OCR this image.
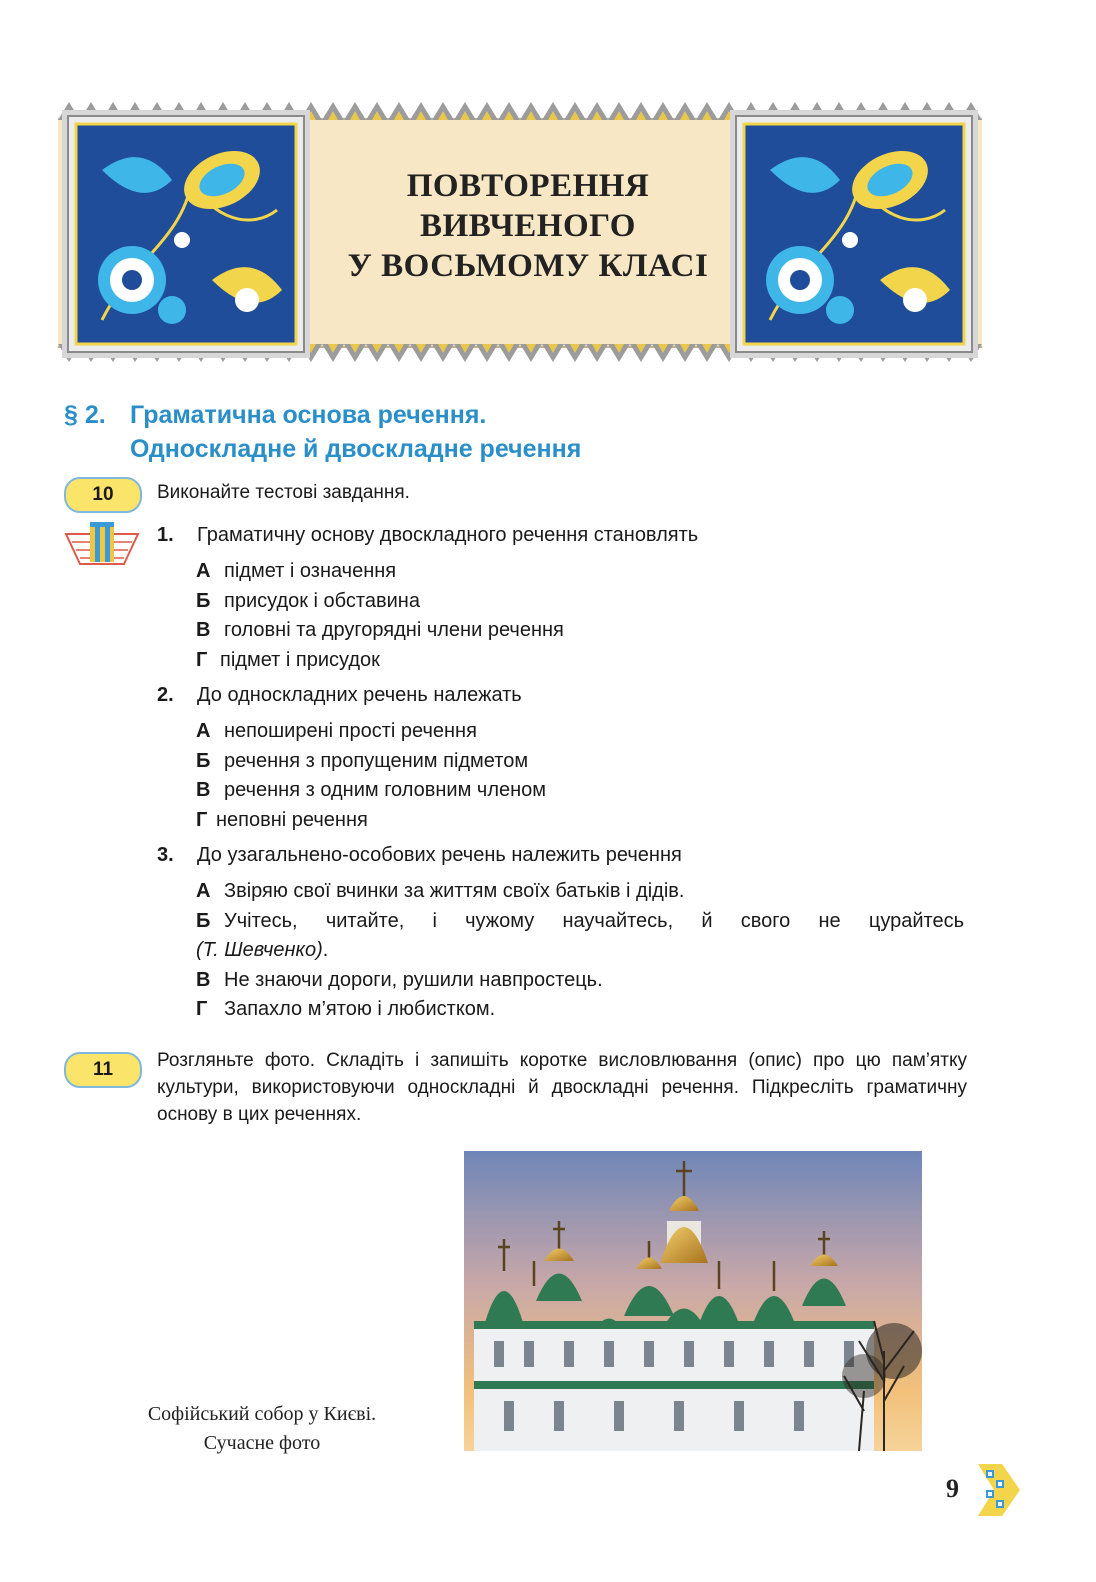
ПОВТОРЕННЯ
ВИВЧЕНОГО
У ВОСЬМОМУ КЛАСІ
§ 2. Граматична основа речення.
Односкладне й двоскладне речення
10	Виконайте тестові завдання.
1. Граматичну основу двоскладного речення становлять
А підмет і означення
Б присудок і обставина
В головні та другорядні члени речення
Г підмет і присудок
2. До односкладних речень належать
А непоширені прості речення
Б речення з пропущеним підметом
В речення з одним головним членом
Г неповні речення
3. До узагальнено-особових речень належить речення
А Звіряю свої вчинки за життям своїх батьків і дідів.
Б Учітесь, читайте, і чужому научайтесь, й свого не цурайтесь
(Т. Шевченко).
В Не знаючи дороги, рушили навпростець.
Г Запахло м’ятою і любистком.
11	Розгляньте фото. Складіть і запишіть коротке висловлювання (опис) про цю пам’ятку культури, використовуючи односкладні й двоскладні речення. Підкресліть граматичну основу в цих реченнях.
Софійський собор у Києві.
Сучасне фото
9
